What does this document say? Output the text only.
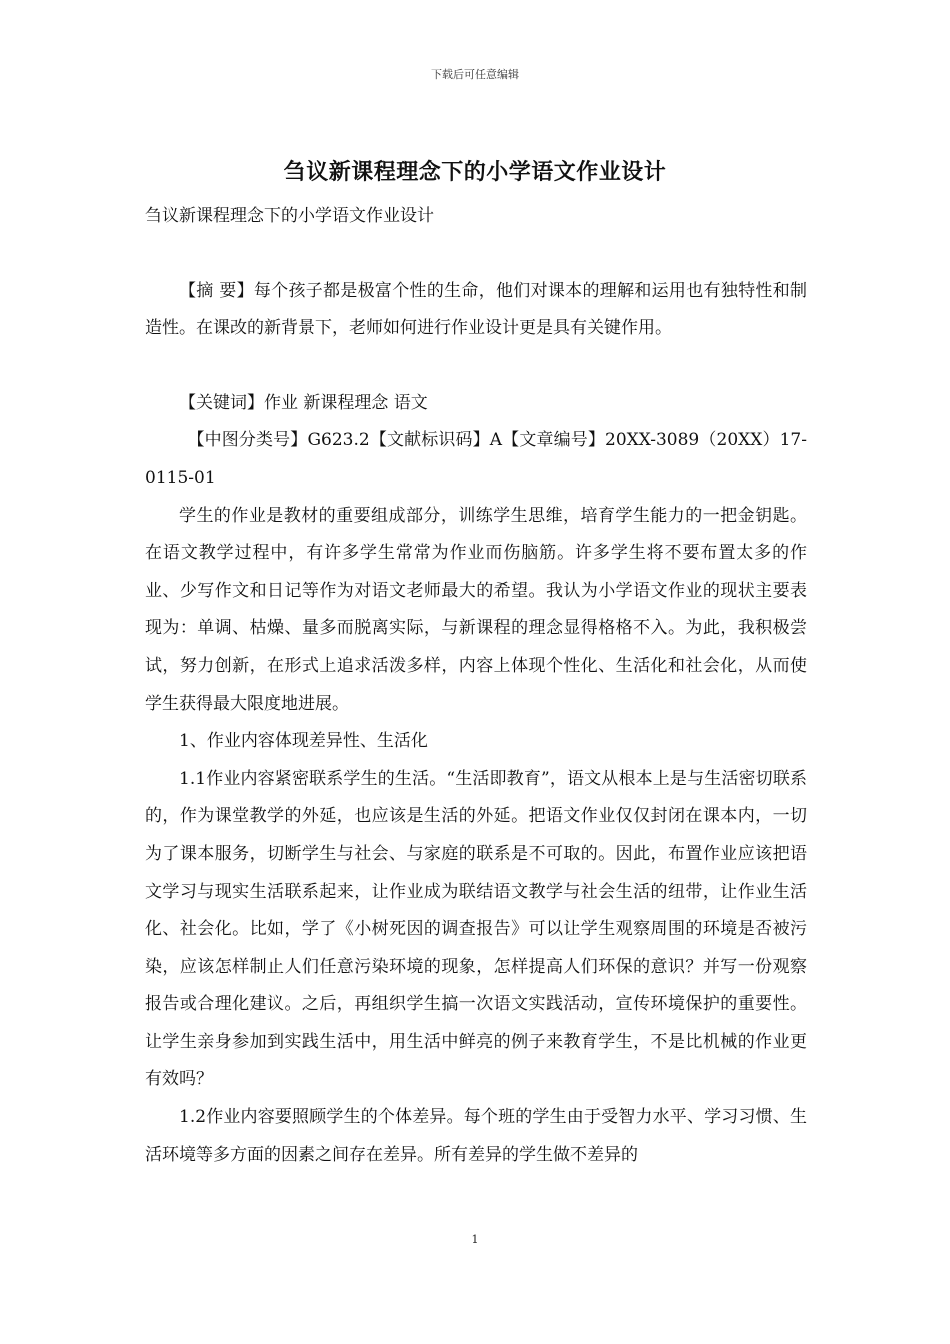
下载后可任意编辑
刍议新课程理念下的小学语文作业设计

刍议新课程理念下的小学语文作业设计

【摘 要】每个孩子都是极富个性的生命，他们对课本的理解和运用也有独特性和制造性。在课改的新背景下，老师如何进行作业设计更是具有关键作用。

【关键词】作业 新课程理念 语文

【中图分类号】G623.2【文献标识码】A【文章编号】20XX-3089（20XX）17-0115-01

学生的作业是教材的重要组成部分，训练学生思维，培育学生能力的一把金钥匙。在语文教学过程中，有许多学生常常为作业而伤脑筋。许多学生将不要布置太多的作业、少写作文和日记等作为对语文老师最大的希望。我认为小学语文作业的现状主要表现为：单调、枯燥、量多而脱离实际，与新课程的理念显得格格不入。为此，我积极尝试，努力创新，在形式上追求活泼多样，内容上体现个性化、生活化和社会化，从而使学生获得最大限度地进展。

1、作业内容体现差异性、生活化

1.1作业内容紧密联系学生的生活。“生活即教育”，语文从根本上是与生活密切联系的，作为课堂教学的外延，也应该是生活的外延。把语文作业仅仅封闭在课本内，一切为了课本服务，切断学生与社会、与家庭的联系是不可取的。因此，布置作业应该把语文学习与现实生活联系起来，让作业成为联结语文教学与社会生活的纽带，让作业生活化、社会化。比如，学了《小树死因的调查报告》可以让学生观察周围的环境是否被污染，应该怎样制止人们任意污染环境的现象，怎样提高人们环保的意识？并写一份观察报告或合理化建议。之后，再组织学生搞一次语文实践活动，宣传环境保护的重要性。让学生亲身参加到实践生活中，用生活中鲜亮的例子来教育学生，不是比机械的作业更有效吗？

1.2作业内容要照顾学生的个体差异。每个班的学生由于受智力水平、学习习惯、生活环境等多方面的因素之间存在差异。所有差异的学生做不差异的

1
